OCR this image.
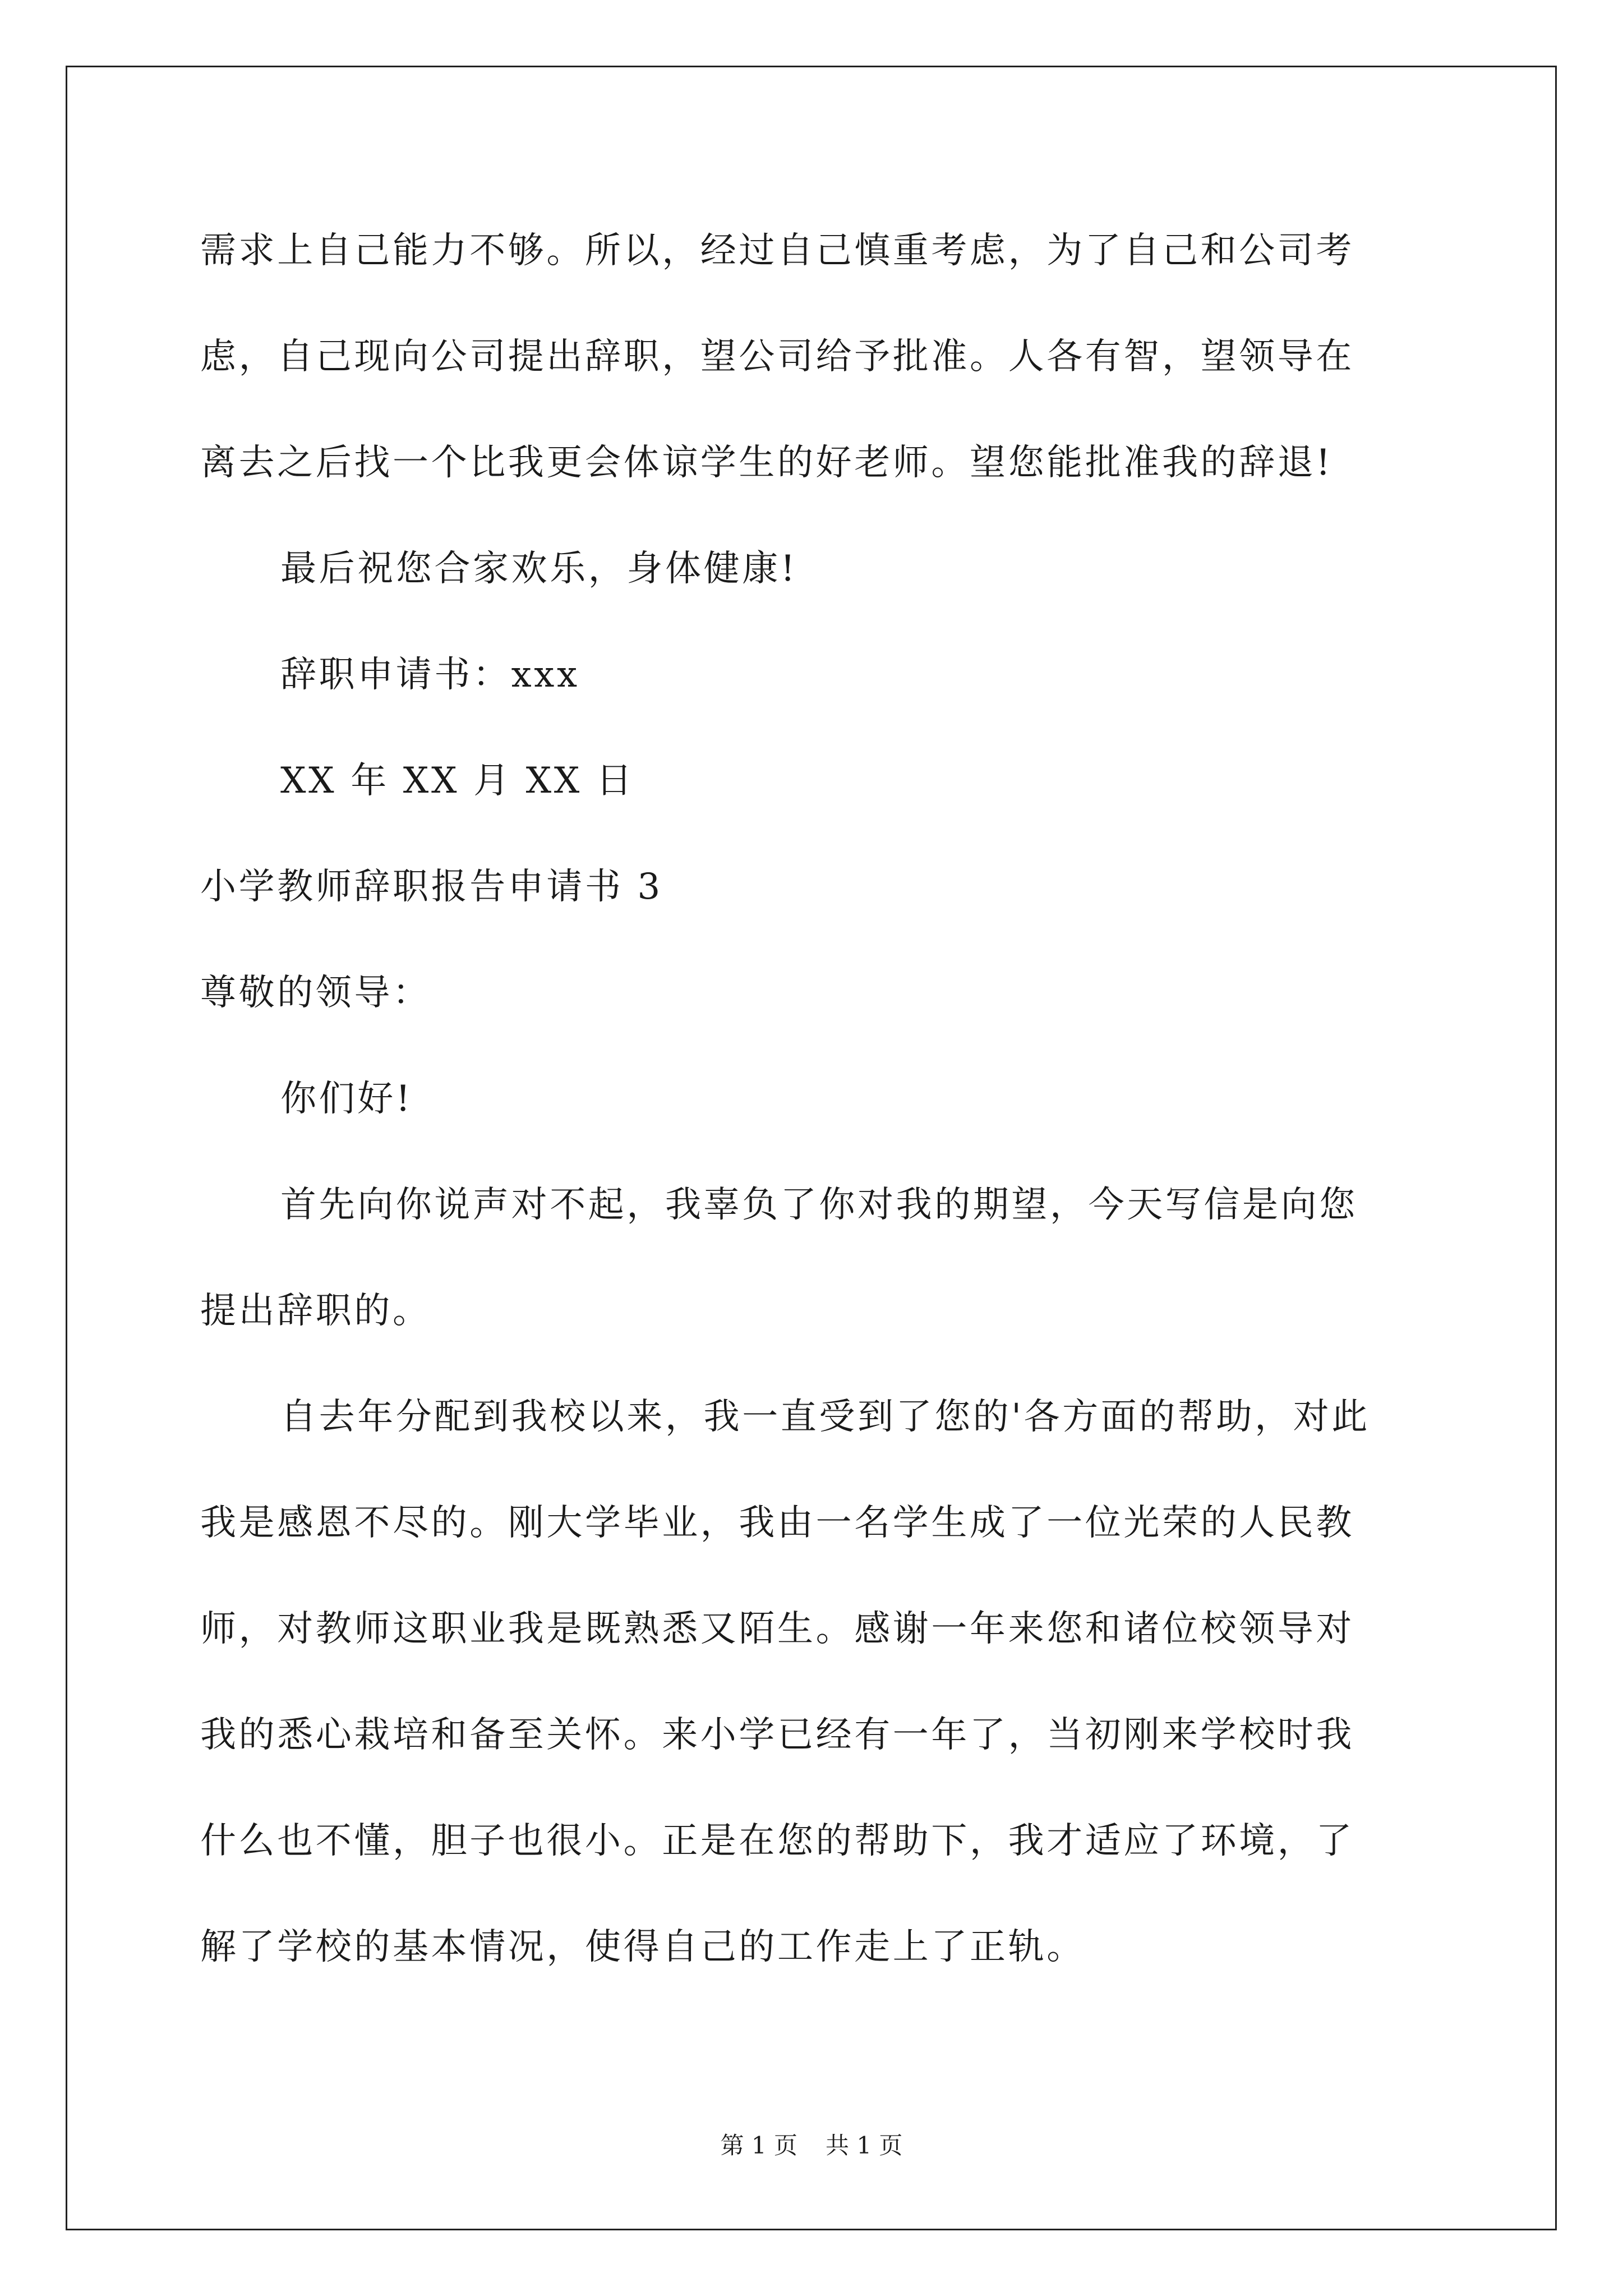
需求上自己能力不够。所以，经过自己慎重考虑，为了自己和公司考
虑，自己现向公司提出辞职，望公司给予批准。人各有智，望领导在
离去之后找一个比我更会体谅学生的好老师。望您能批准我的辞退!
最后祝您合家欢乐，身体健康!
辞职申请书：xxx
XX 年 XX 月 XX 日
小学教师辞职报告申请书 3
尊敬的领导：
你们好!
首先向你说声对不起，我辜负了你对我的期望，今天写信是向您
提出辞职的。
自去年分配到我校以来，我一直受到了您的'各方面的帮助，对此
我是感恩不尽的。刚大学毕业，我由一名学生成了一位光荣的人民教
师，对教师这职业我是既熟悉又陌生。感谢一年来您和诸位校领导对
我的悉心栽培和备至关怀。来小学已经有一年了，当初刚来学校时我
什么也不懂，胆子也很小。正是在您的帮助下，我才适应了环境，了
解了学校的基本情况，使得自己的工作走上了正轨。
第 1 页 共 1 页
